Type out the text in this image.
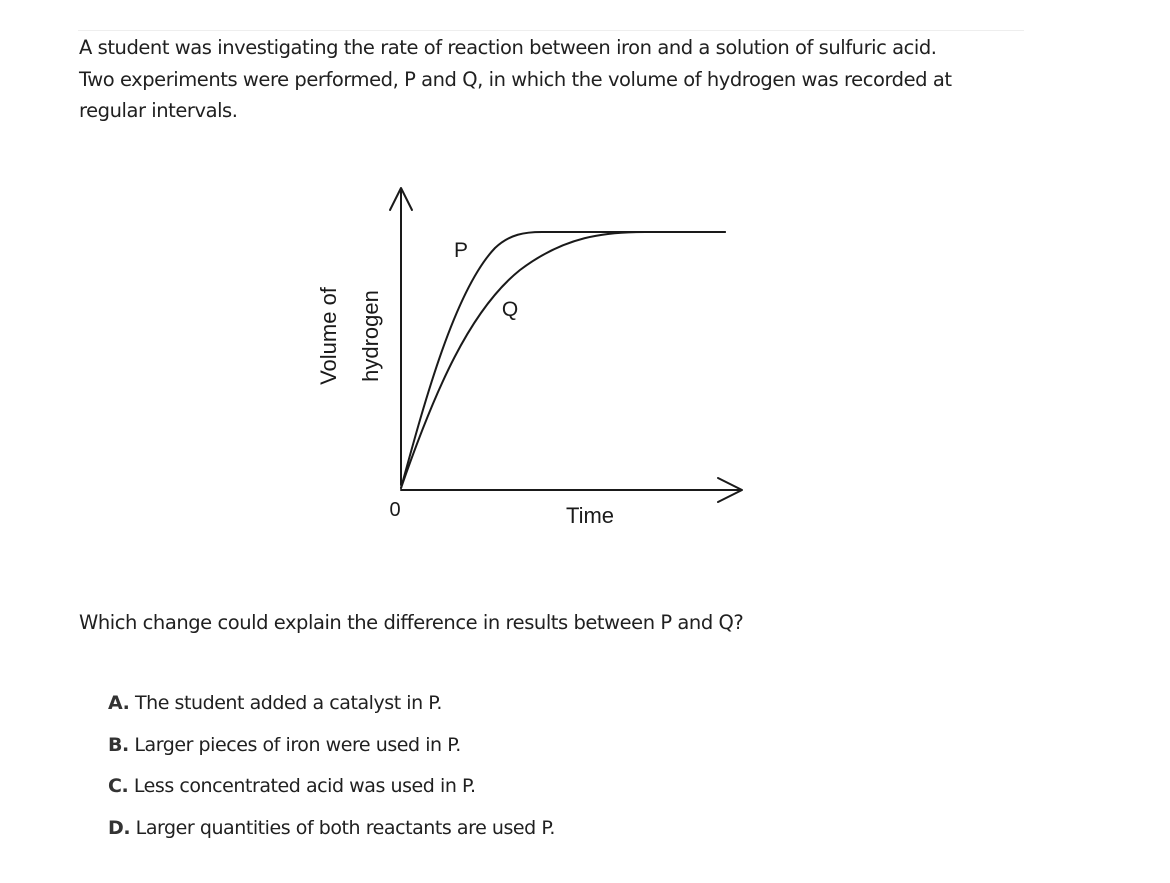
A student was investigating the rate of reaction between iron and a solution of sulfuric acid.
Two experiments were performed, P and Q, in which the volume of hydrogen was recorded at
regular intervals.

Volume of hydrogen
0	Time
P
Q

Which change could explain the difference in results between P and Q?

A. The student added a catalyst in P.
B. Larger pieces of iron were used in P.
C. Less concentrated acid was used in P.
D. Larger quantities of both reactants are used P.
